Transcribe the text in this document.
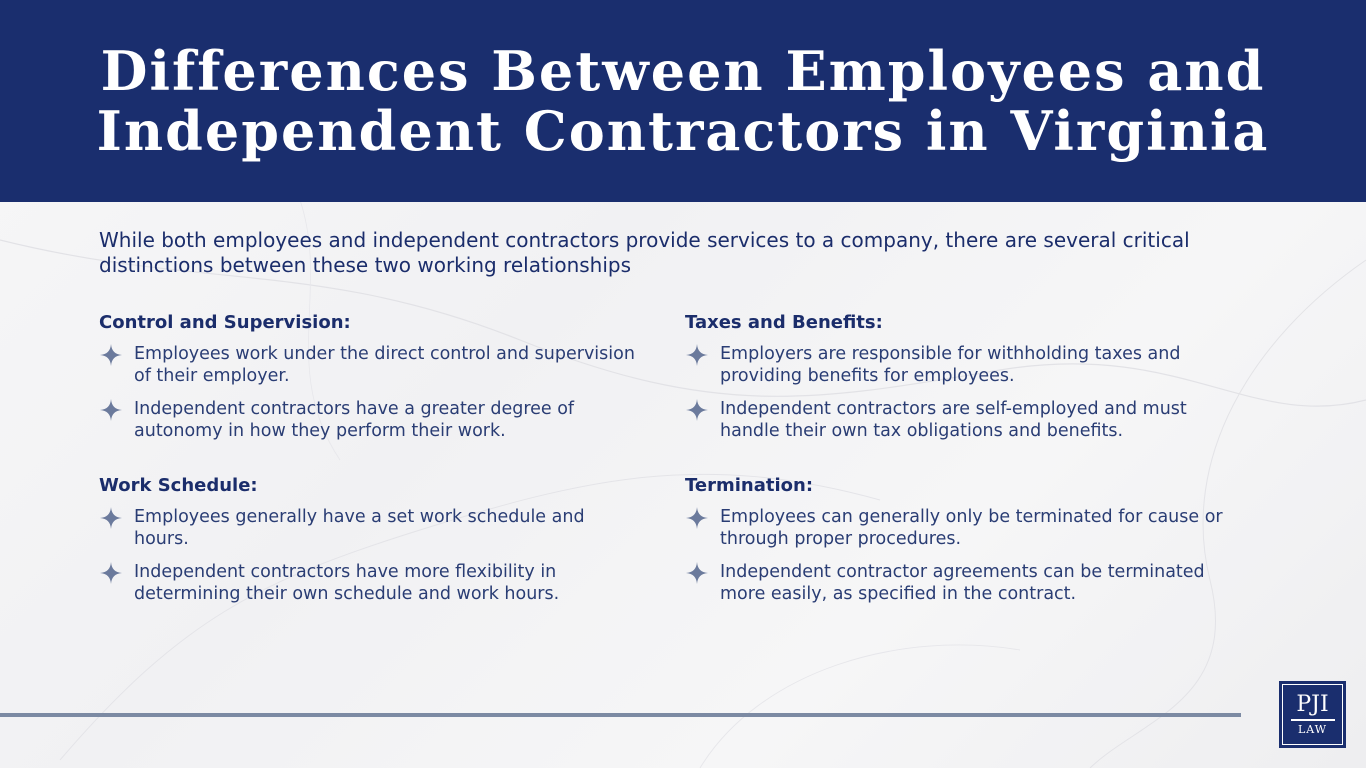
Differences Between Employees and
Independent Contractors in Virginia

While both employees and independent contractors provide services to a company, there are several critical distinctions between these two working relationships

Control and Supervision:
Employees work under the direct control and supervision of their employer.
Independent contractors have a greater degree of autonomy in how they perform their work.
Taxes and Benefits:
Employers are responsible for withholding taxes and providing benefits for employees.
Independent contractors are self-employed and must handle their own tax obligations and benefits.
Work Schedule:
Employees generally have a set work schedule and hours.
Independent contractors have more flexibility in determining their own schedule and work hours.
Termination:
Employees can generally only be terminated for cause or through proper procedures.
Independent contractor agreements can be terminated more easily, as specified in the contract.
PJI
LAW
